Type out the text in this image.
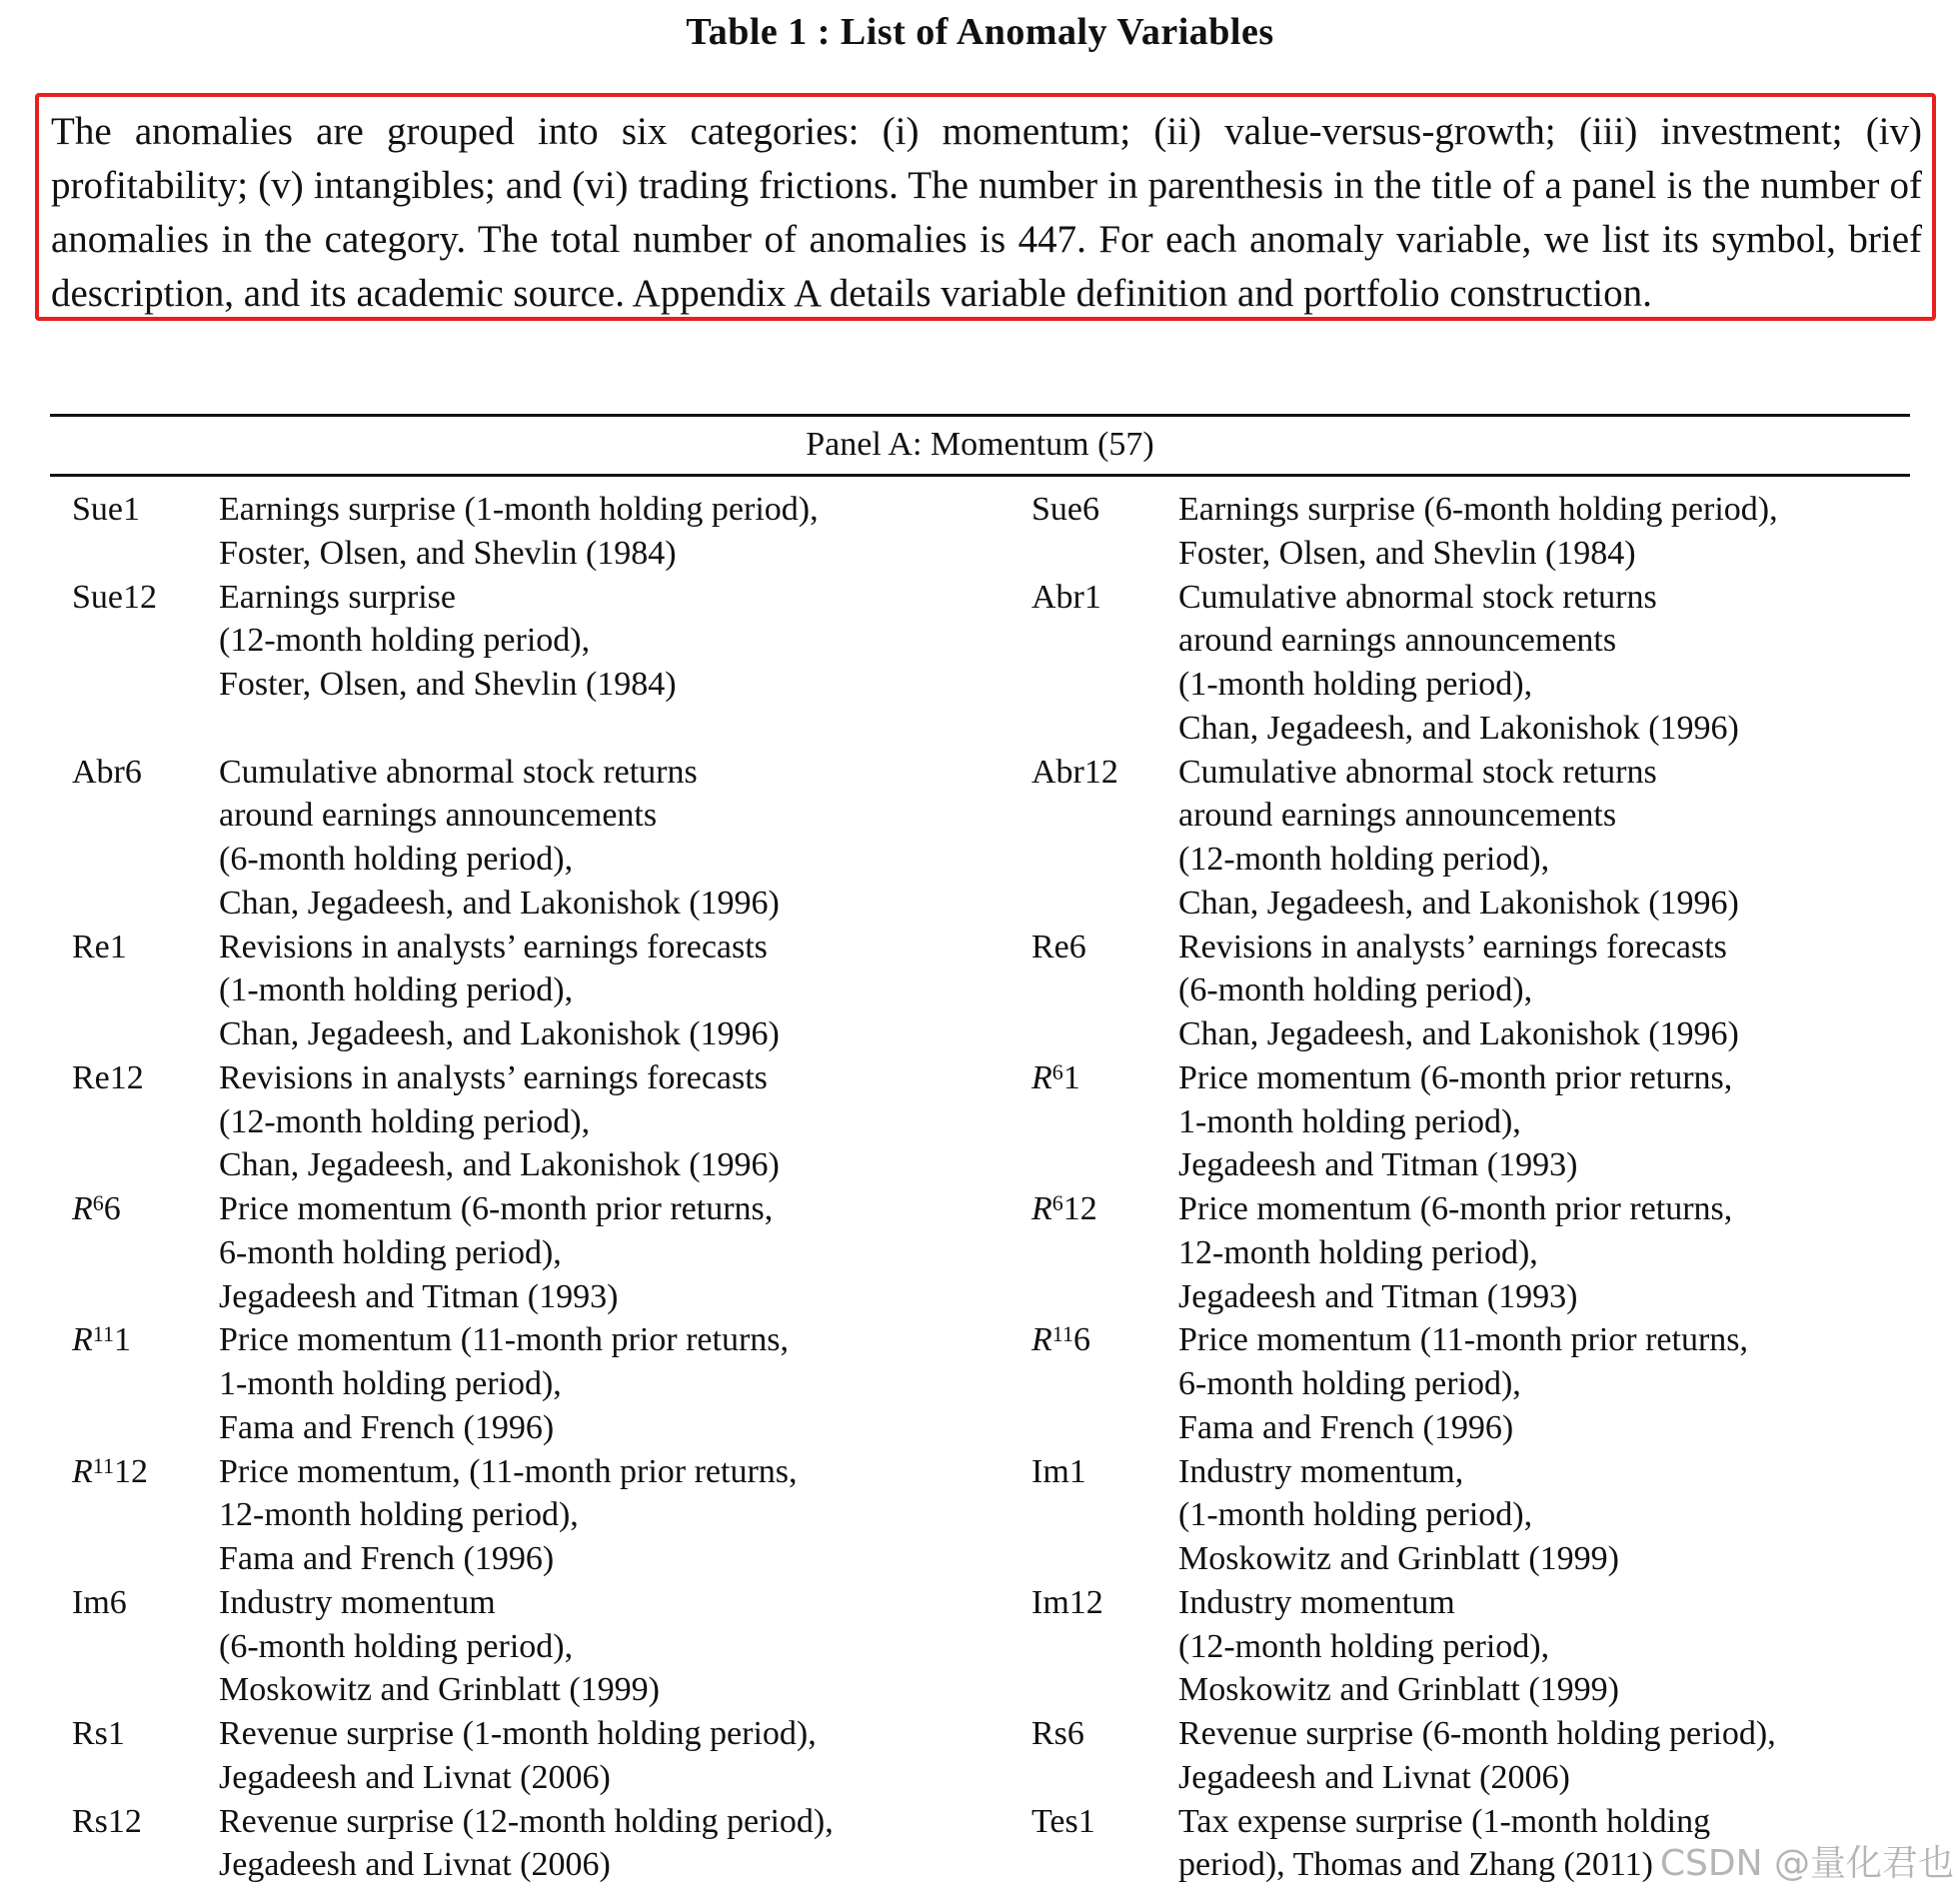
Table 1 : List of Anomaly Variables
The anomalies are grouped into six categories: (i) momentum; (ii) value-versus-growth; (iii) investment; (iv) profitability; (v) intangibles; and (vi) trading frictions. The number in parenthesis in the title of a panel is the number of anomalies in the category. The total number of anomalies is 447. For each anomaly variable, we list its symbol, brief description, and its academic source. Appendix A details variable definition and portfolio construction.
Panel A: Momentum (57)
Sue1 Earnings surprise (1-month holding period),
Foster, Olsen, and Shevlin (1984)
Sue6 Earnings surprise (6-month holding period),
Foster, Olsen, and Shevlin (1984)
Sue12 Earnings surprise
(12-month holding period),
Foster, Olsen, and Shevlin (1984)
Abr1 Cumulative abnormal stock returns
around earnings announcements
(1-month holding period),
Chan, Jegadeesh, and Lakonishok (1996)
Abr6 Cumulative abnormal stock returns
around earnings announcements
(6-month holding period),
Chan, Jegadeesh, and Lakonishok (1996)
Abr12 Cumulative abnormal stock returns
around earnings announcements
(12-month holding period),
Chan, Jegadeesh, and Lakonishok (1996)
Re1	Revisions in analysts’ earnings forecasts
(1-month holding period),
Chan, Jegadeesh, and Lakonishok (1996)
Re6	Revisions in analysts’ earnings forecasts
(6-month holding period),
Chan, Jegadeesh, and Lakonishok (1996)
Re12 Revisions in analysts’ earnings forecasts
(12-month holding period),
Chan, Jegadeesh, and Lakonishok (1996)
$R^61$	Price momentum (6-month prior returns,
1-month holding period),
Jegadeesh and Titman (1993)
$R^66$	Price momentum (6-month prior returns,
6-month holding period),
Jegadeesh and Titman (1993)
$R^612$ Price momentum (6-month prior returns,
12-month holding period),
Jegadeesh and Titman (1993)
$R^{11}1$	Price momentum (11-month prior returns,
1-month holding period),
Fama and French (1996)
$R^{11}6$	Price momentum (11-month prior returns,
6-month holding period),
Fama and French (1996)
$R^{11}12$ Price momentum, (11-month prior returns,
12-month holding period),
Fama and French (1996)
Im1	Industry momentum,
(1-month holding period),
Moskowitz and Grinblatt (1999)
Im6	Industry momentum
(6-month holding period),
Moskowitz and Grinblatt (1999)
Im12 Industry momentum
(12-month holding period),
Moskowitz and Grinblatt (1999)
Rs1	Revenue surprise (1-month holding period),
Jegadeesh and Livnat (2006)
Rs6	Revenue surprise (6-month holding period),
Jegadeesh and Livnat (2006)
Rs12 Revenue surprise (12-month holding period),
Jegadeesh and Livnat (2006)
Tes1 Tax expense surprise (1-month holding
period), Thomas and Zhang (2011) CSDN @量化君也
